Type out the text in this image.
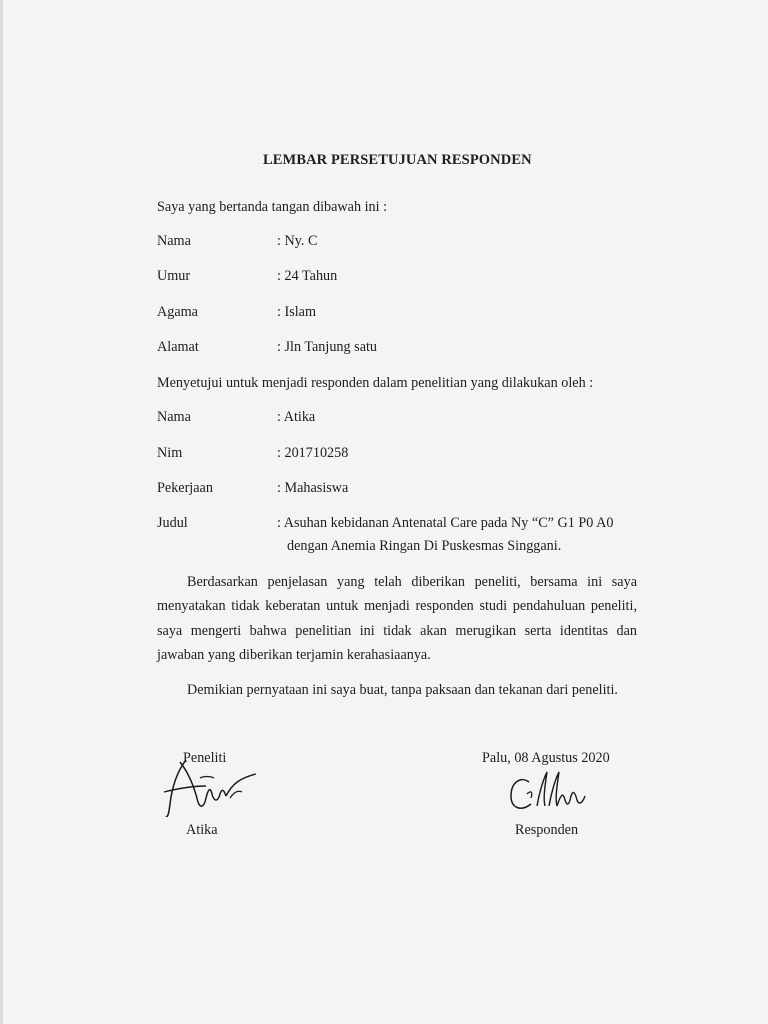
LEMBAR PERSETUJUAN RESPONDEN
Saya yang bertanda tangan dibawah ini :
Nama	: Ny. C
Umur	: 24 Tahun
Agama	: Islam
Alamat	: Jln Tanjung satu
Menyetujui untuk menjadi responden dalam penelitian yang dilakukan oleh :
Nama	: Atika
Nim	: 201710258
Pekerjaan	: Mahasiswa
Judul	: Asuhan kebidanan Antenatal Care pada Ny “C” G1 P0 A0
dengan Anemia Ringan Di Puskesmas Singgani.
Berdasarkan penjelasan yang telah diberikan peneliti, bersama ini saya menyatakan tidak keberatan untuk menjadi responden studi pendahuluan peneliti, saya mengerti bahwa penelitian ini tidak akan merugikan serta identitas dan jawaban yang diberikan terjamin kerahasiaanya.
Demikian pernyataan ini saya buat, tanpa paksaan dan tekanan dari peneliti.
Peneliti
Atika
Palu, 08 Agustus 2020
Responden
